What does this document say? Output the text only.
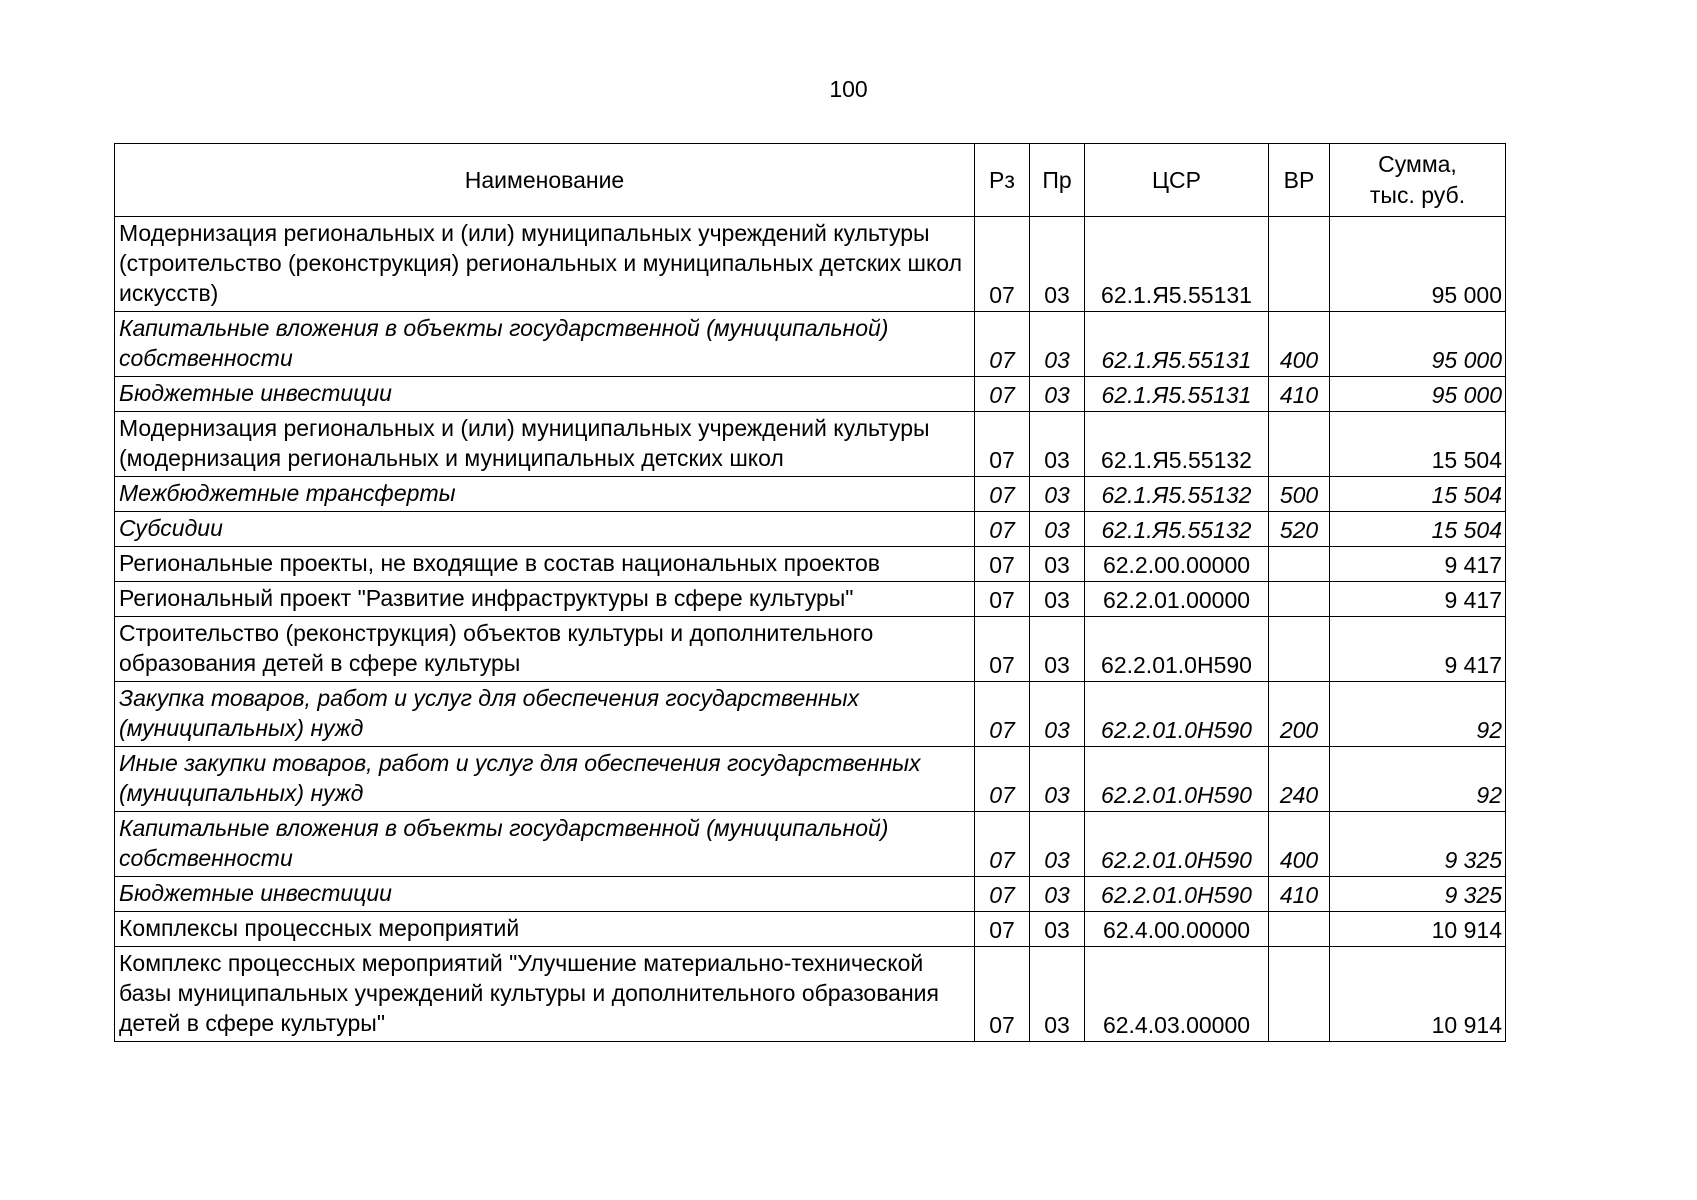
100
Наименование	Рз	Пр	ЦСР	ВР	Сумма,
тыс. руб.

Модернизация региональных и (или) муниципальных учреждений культуры (строительство (реконструкция) региональных и муниципальных детских школ искусств)	07	03	62.1.Я5.55131		95 000
Капитальные вложения в объекты государственной (муниципальной) собственности	07	03	62.1.Я5.55131	400	95 000
Бюджетные инвестиции	07	03	62.1.Я5.55131	410	95 000
Модернизация региональных и (или) муниципальных учреждений культуры (модернизация региональных и муниципальных детских школ	07	03	62.1.Я5.55132		15 504
Межбюджетные трансферты	07	03	62.1.Я5.55132	500	15 504
Субсидии	07	03	62.1.Я5.55132	520	15 504
Региональные проекты, не входящие в состав национальных проектов	07	03	62.2.00.00000		9 417
Региональный проект "Развитие инфраструктуры в сфере культуры"	07	03	62.2.01.00000		9 417
Строительство (реконструкция) объектов культуры и дополнительного образования детей в сфере культуры	07	03	62.2.01.0Н590		9 417
Закупка товаров, работ и услуг для обеспечения государственных (муниципальных) нужд	07	03	62.2.01.0Н590	200	92
Иные закупки товаров, работ и услуг для обеспечения государственных (муниципальных) нужд	07	03	62.2.01.0Н590	240	92
Капитальные вложения в объекты государственной (муниципальной) собственности	07	03	62.2.01.0Н590	400	9 325
Бюджетные инвестиции	07	03	62.2.01.0Н590	410	9 325
Комплексы процессных мероприятий	07	03	62.4.00.00000		10 914
Комплекс процессных мероприятий "Улучшение материально-технической базы муниципальных учреждений культуры и дополнительного образования детей в сфере культуры"	07	03	62.4.03.00000		10 914
